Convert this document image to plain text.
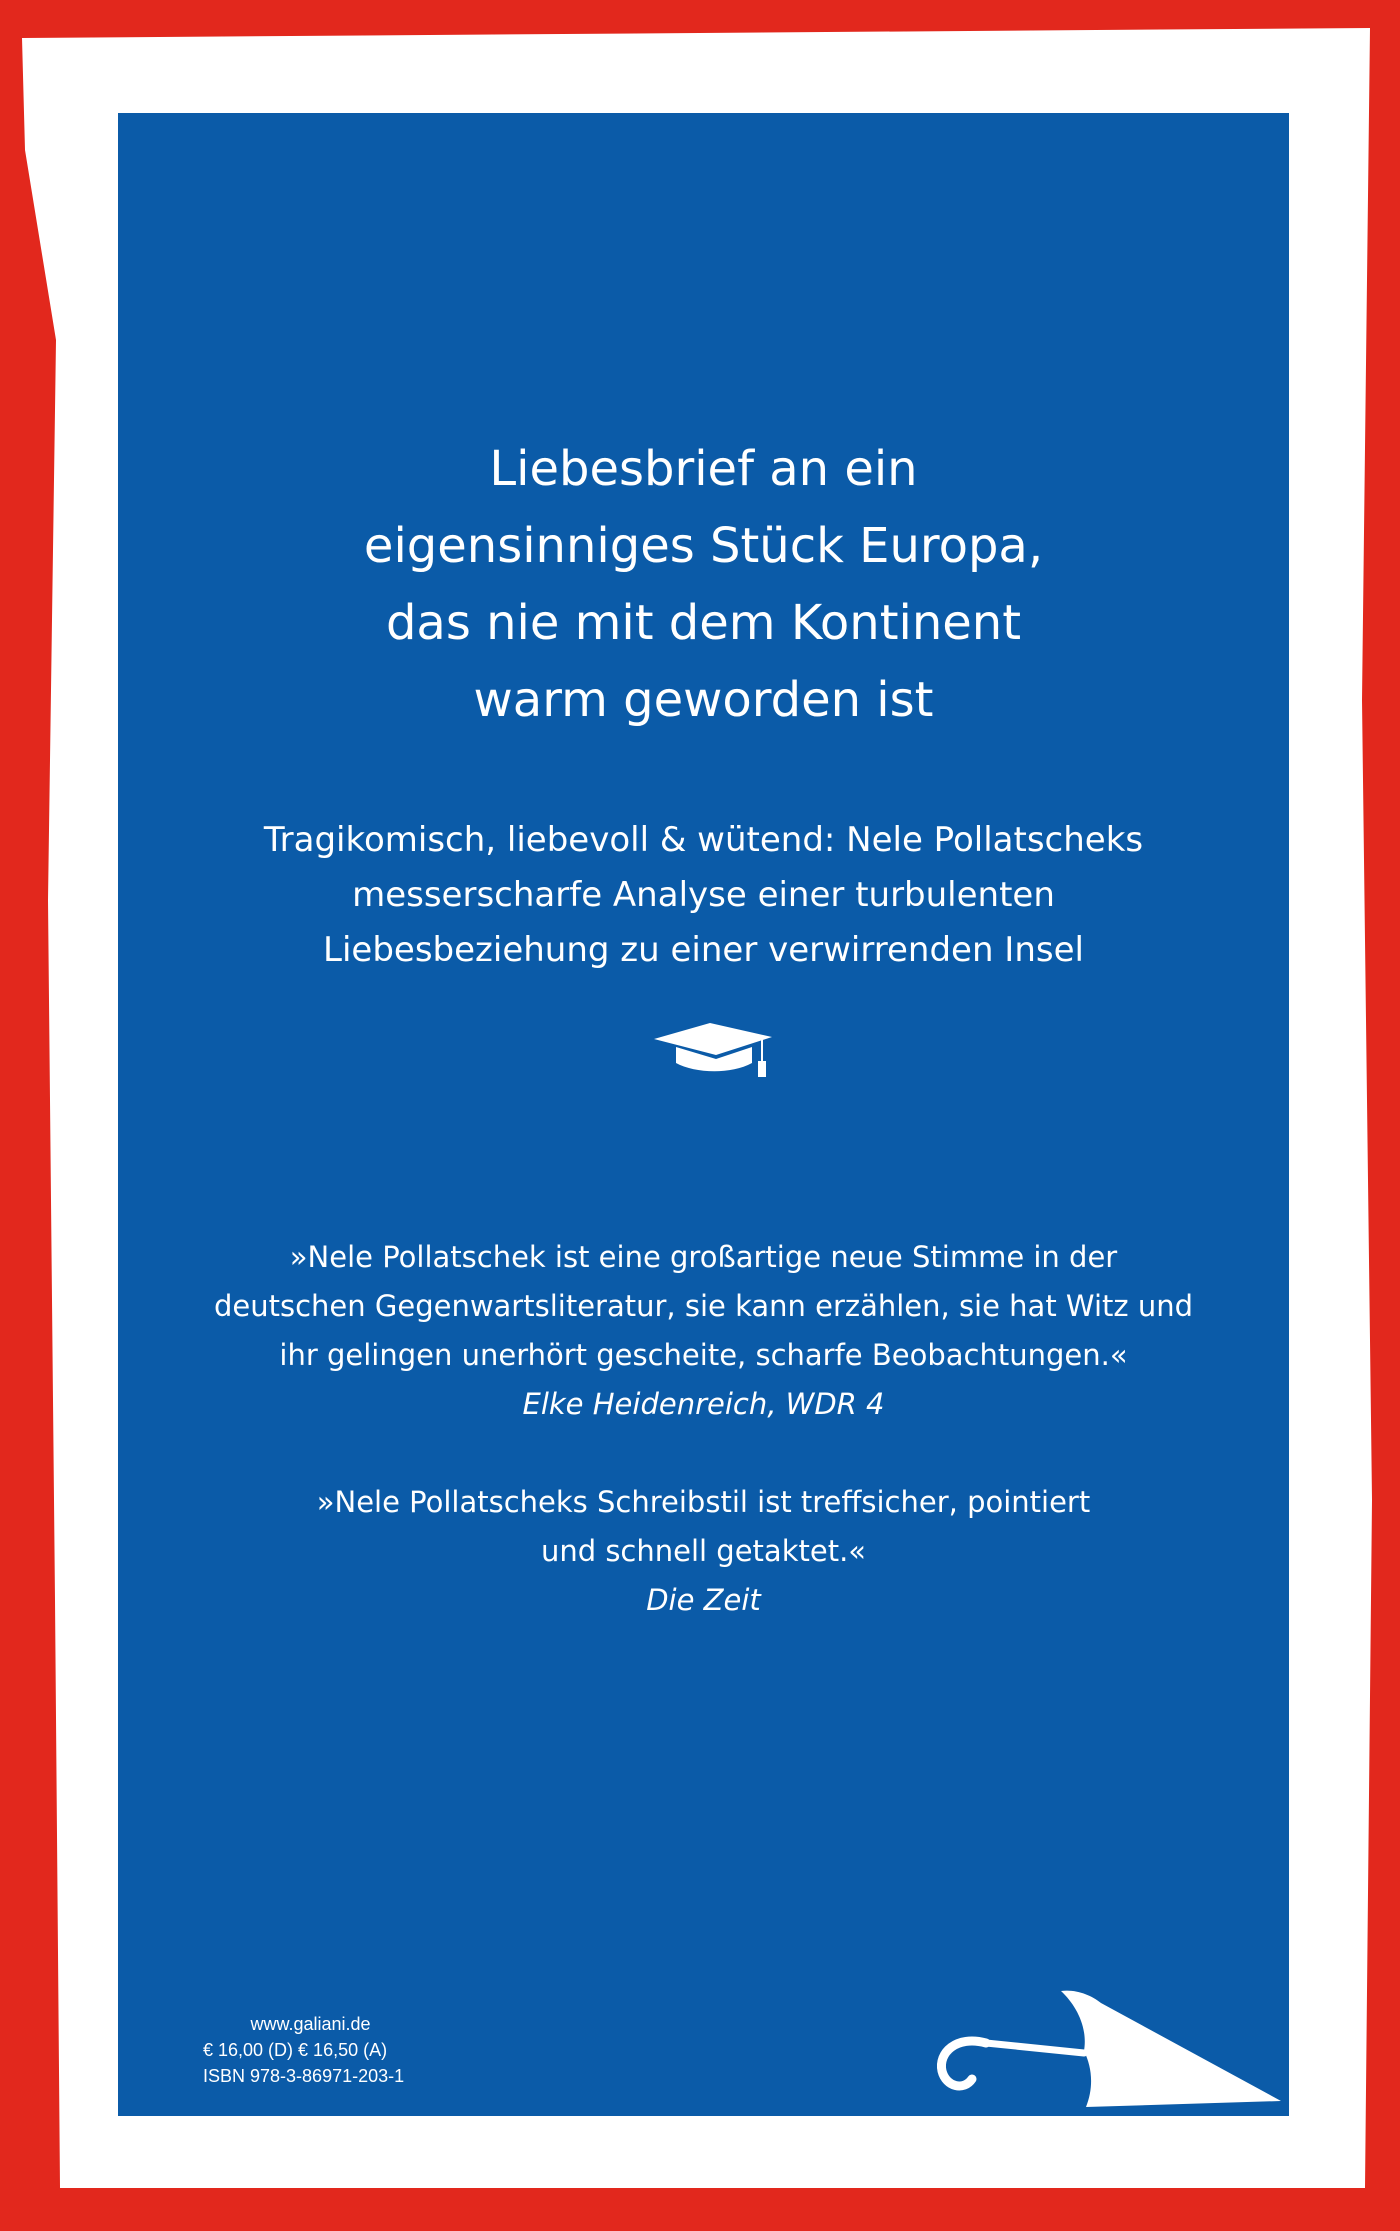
Liebesbrief an ein
eigensinniges Stück Europa,
das nie mit dem Kontinent
warm geworden ist
Tragikomisch, liebevoll & wütend: Nele Pollatscheks
messerscharfe Analyse einer turbulenten
Liebesbeziehung zu einer verwirrenden Insel
»Nele Pollatschek ist eine großartige neue Stimme in der
deutschen Gegenwartsliteratur, sie kann erzählen, sie hat Witz und
ihr gelingen unerhört gescheite, scharfe Beobachtungen.«
Elke Heidenreich, WDR 4
»Nele Pollatscheks Schreibstil ist treffsicher, pointiert
und schnell getaktet.«
Die Zeit
www.galiani.de
€ 16,00 (D) € 16,50 (A)
ISBN 978-3-86971-203-1
